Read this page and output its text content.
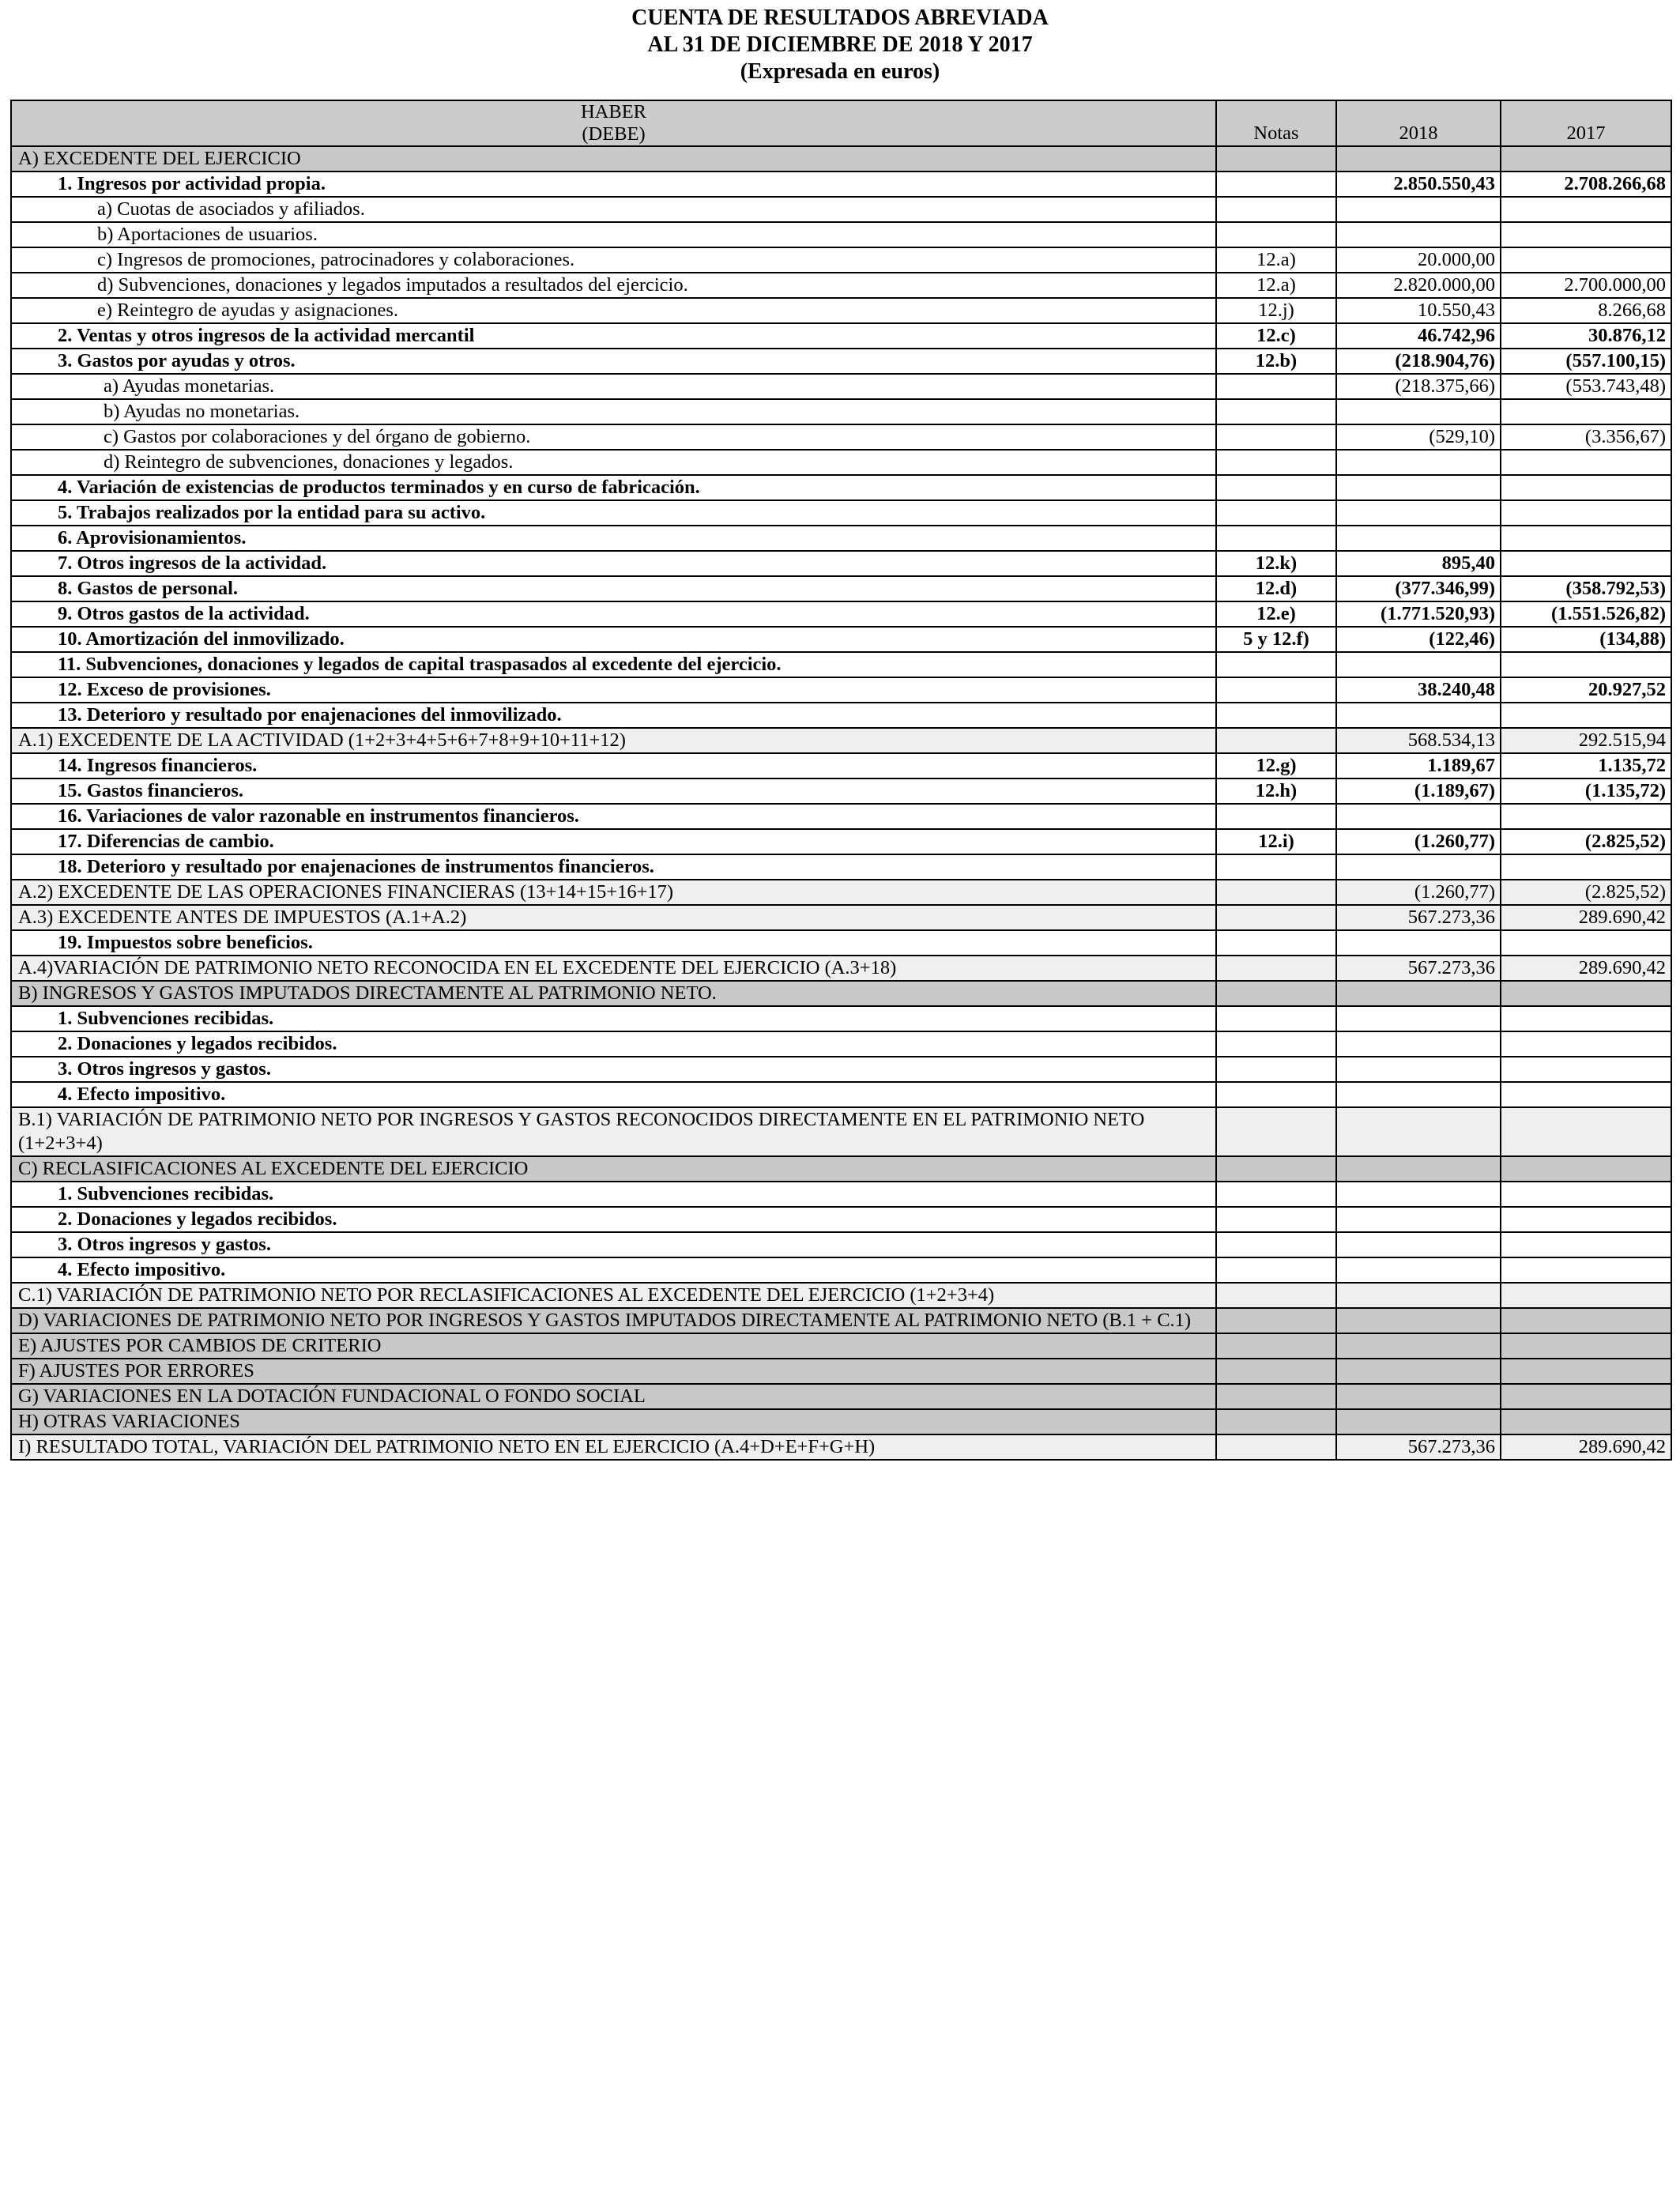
CUENTA DE RESULTADOS ABREVIADA
AL 31 DE DICIEMBRE DE 2018 Y 2017
(Expresada en euros)
HABER
(DEBE)	Notas	2018	2017
A) EXCEDENTE DEL EJERCICIO			
1. Ingresos por actividad propia.		2.850.550,43	2.708.266,68
a) Cuotas de asociados y afiliados.			
b) Aportaciones de usuarios.			
c) Ingresos de promociones, patrocinadores y colaboraciones.	12.a)	20.000,00	
d) Subvenciones, donaciones y legados imputados a resultados del ejercicio.	12.a)	2.820.000,00	2.700.000,00
e) Reintegro de ayudas y asignaciones.	12.j)	10.550,43	8.266,68
2. Ventas y otros ingresos de la actividad mercantil	12.c)	46.742,96	30.876,12
3. Gastos por ayudas y otros.	12.b)	(218.904,76)	(557.100,15)
a) Ayudas monetarias.		(218.375,66)	(553.743,48)
b) Ayudas no monetarias.			
c) Gastos por colaboraciones y del órgano de gobierno.		(529,10)	(3.356,67)
d) Reintegro de subvenciones, donaciones y legados.			
4. Variación de existencias de productos terminados y en curso de fabricación.			
5. Trabajos realizados por la entidad para su activo.			
6. Aprovisionamientos.			
7. Otros ingresos de la actividad.	12.k)	895,40	
8. Gastos de personal.	12.d)	(377.346,99)	(358.792,53)
9. Otros gastos de la actividad.	12.e)	(1.771.520,93)	(1.551.526,82)
10. Amortización del inmovilizado.	5 y 12.f)	(122,46)	(134,88)
11. Subvenciones, donaciones y legados de capital traspasados al excedente del ejercicio.			
12. Exceso de provisiones.		38.240,48	20.927,52
13. Deterioro y resultado por enajenaciones del inmovilizado.			
A.1) EXCEDENTE DE LA ACTIVIDAD (1+2+3+4+5+6+7+8+9+10+11+12)		568.534,13	292.515,94
14. Ingresos financieros.	12.g)	1.189,67	1.135,72
15. Gastos financieros.	12.h)	(1.189,67)	(1.135,72)
16. Variaciones de valor razonable en instrumentos financieros.			
17. Diferencias de cambio.	12.i)	(1.260,77)	(2.825,52)
18. Deterioro y resultado por enajenaciones de instrumentos financieros.			
A.2) EXCEDENTE DE LAS OPERACIONES FINANCIERAS (13+14+15+16+17)		(1.260,77)	(2.825,52)
A.3) EXCEDENTE ANTES DE IMPUESTOS (A.1+A.2)		567.273,36	289.690,42
19. Impuestos sobre beneficios.			
A.4)VARIACIÓN DE PATRIMONIO NETO RECONOCIDA EN EL EXCEDENTE DEL EJERCICIO (A.3+18)		567.273,36	289.690,42
B) INGRESOS Y GASTOS IMPUTADOS DIRECTAMENTE AL PATRIMONIO NETO.			
1. Subvenciones recibidas.			
2. Donaciones y legados recibidos.			
3. Otros ingresos y gastos.			
4. Efecto impositivo.			
B.1) VARIACIÓN DE PATRIMONIO NETO POR INGRESOS Y GASTOS RECONOCIDOS DIRECTAMENTE EN EL PATRIMONIO NETO (1+2+3+4)			
C) RECLASIFICACIONES AL EXCEDENTE DEL EJERCICIO			
1. Subvenciones recibidas.			
2. Donaciones y legados recibidos.			
3. Otros ingresos y gastos.			
4. Efecto impositivo.			
C.1) VARIACIÓN DE PATRIMONIO NETO POR RECLASIFICACIONES AL EXCEDENTE DEL EJERCICIO (1+2+3+4)			
D) VARIACIONES DE PATRIMONIO NETO POR INGRESOS Y GASTOS IMPUTADOS DIRECTAMENTE AL PATRIMONIO NETO (B.1 + C.1)			
E) AJUSTES POR CAMBIOS DE CRITERIO			
F) AJUSTES POR ERRORES			
G) VARIACIONES EN LA DOTACIÓN FUNDACIONAL O FONDO SOCIAL			
H) OTRAS VARIACIONES			
I) RESULTADO TOTAL, VARIACIÓN DEL PATRIMONIO NETO EN EL EJERCICIO (A.4+D+E+F+G+H)		567.273,36	289.690,42
